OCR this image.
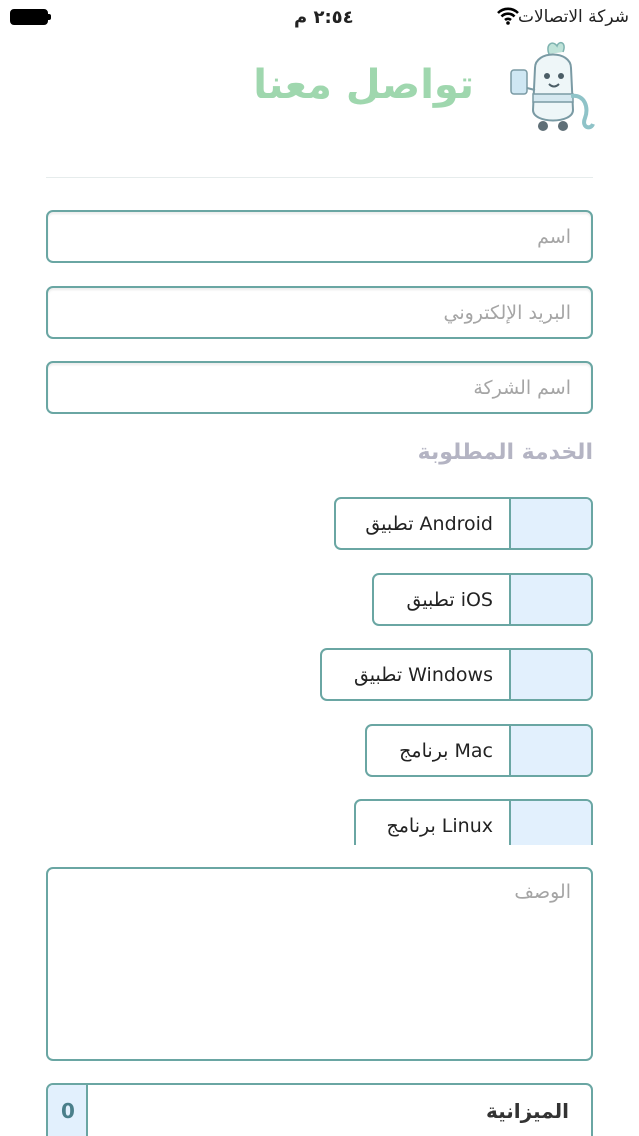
٢:٥٤ م	شركة الاتصالات
تواصل معنا
اسم
البريد الإلكتروني
اسم الشركة
الخدمة المطلوبة
تطبيق Android
تطبيق iOS
تطبيق Windows
برنامج Mac
برنامج Linux
الوصف
الميزانية
0
